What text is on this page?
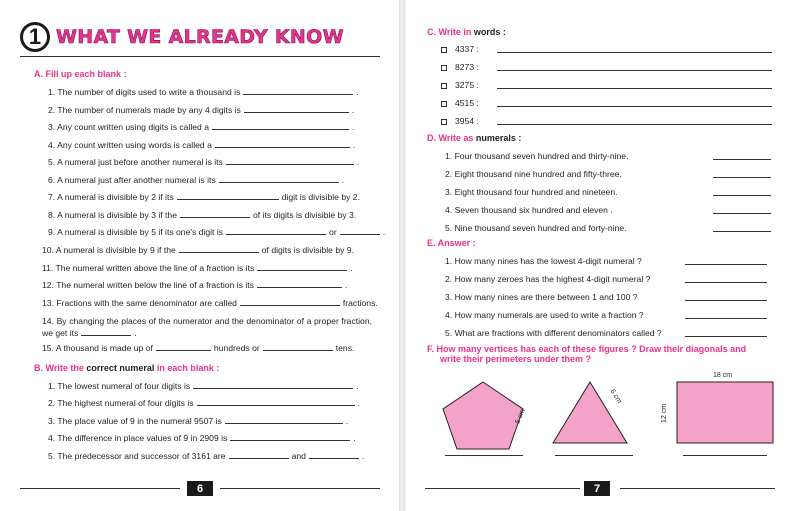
1 WHAT WE ALREADY KNOW
A. Fill up each blank :
1. The number of digits used to write a thousand is	.
2. The number of numerals made by any 4 digits is	.
3. Any count written using digits is called a	.
4. Any count written using words is called a	.
5. A numeral just before another numeral is its	.
6. A numeral just after another numeral is its	.
7. A numeral is divisible by 2 if its	digit is divisible by 2.
8. A numeral is divisible by 3 if the	of its digits is divisible by 3.
9. A numeral is divisible by 5 if its one's digit is	or	.
10. A numeral is divisible by 9 if the	of digits is divisible by 9.
11. The numeral written above the line of a fraction is its	.
12. The numeral written below the line of a fraction is its	.
13. Fractions with the same denominator are called	fractions.
14. By changing the places of the numerator and the denominator of a proper fraction, we get its	.
15. A thousand is made up of	hundreds or	tens.
B. Write the correct numeral in each blank :
1. The lowest numeral of four digits is	.
2. The highest numeral of four digits is	.
3. The place value of 9 in the numeral 9507 is	.
4. The difference in place values of 9 in 2909 is	.
5. The predecessor and successor of 3161 are	and	.
6
C. Write in words :
4337 :
8273 :
3275 :
4515 :
3954 :
D. Write as numerals :
1. Four thousand seven hundred and thirty-nine.
2. Eight thousand nine hundred and fifty-three.
3. Eight thousand four hundred and nineteen.
4. Seven thousand six hundred and eleven .
5. Nine thousand seven hundred and forty-nine.
E. Answer :
1. How many nines has the lowest 4-digit numeral ?
2. How many zeroes has the highest 4-digit numeral ?
3. How many nines are there between 1 and 100 ?
4. How many numerals are used to write a fraction ?
5. What are fractions with different denominators called ?
F. How many vertices has each of these figures ? Draw their diagonals and
write their perimeters under them ?
5 cm
6 cm
18 cm
12 cm
7
